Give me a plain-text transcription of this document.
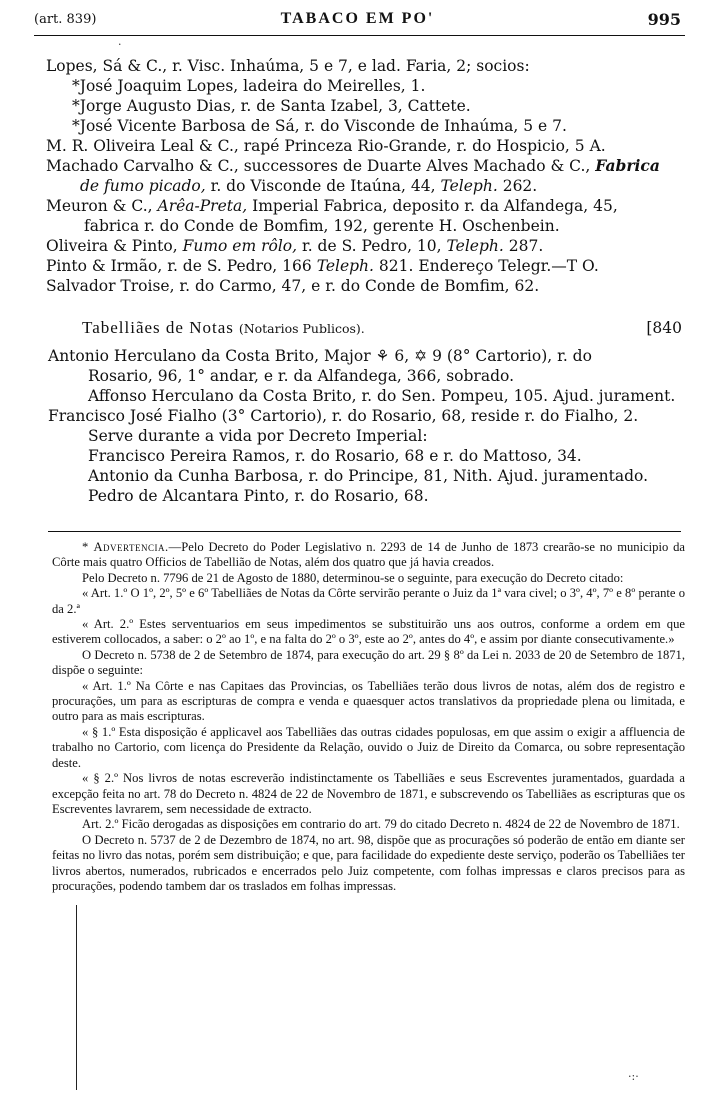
(art. 839)	TABACO EM PO'	995
·
Lopes, Sá & C., r. Visc. Inhaúma, 5 e 7, e lad. Faria, 2; socios:
*José Joaquim Lopes, ladeira do Meirelles, 1.
*Jorge Augusto Dias, r. de Santa Izabel, 3, Cattete.
*José Vicente Barbosa de Sá, r. do Visconde de Inhaúma, 5 e 7.
M. R. Oliveira Leal & C., rapé Princeza Rio-Grande, r. do Hospicio, 5 A.
Machado Carvalho & C., successores de Duarte Alves Machado & C., Fabrica
de fumo picado, r. do Visconde de Itaúna, 44, Teleph. 262.
Meuron & C., Arêa-Preta, Imperial Fabrica, deposito r. da Alfandega, 45,
fabrica r. do Conde de Bomfim, 192, gerente H. Oschenbein.
Oliveira & Pinto, Fumo em rôlo, r. de S. Pedro, 10, Teleph. 287.
Pinto & Irmão, r. de S. Pedro, 166 Teleph. 821. Endereço Telegr.—T O.
Salvador Troise, r. do Carmo, 47, e r. do Conde de Bomfim, 62.
Tabelliães de Notas (Notarios Publicos).	[840
Antonio Herculano da Costa Brito, Major ⚘ 6, ✡ 9 (8° Cartorio), r. do
Rosario, 96, 1° andar, e r. da Alfandega, 366, sobrado.
Affonso Herculano da Costa Brito, r. do Sen. Pompeu, 105. Ajud. jurament.
Francisco José Fialho (3° Cartorio), r. do Rosario, 68, reside r. do Fialho, 2.
Serve durante a vida por Decreto Imperial:
Francisco Pereira Ramos, r. do Rosario, 68 e r. do Mattoso, 34.
Antonio da Cunha Barbosa, r. do Principe, 81, Nith. Ajud. juramentado.
Pedro de Alcantara Pinto, r. do Rosario, 68.

* Advertencia.—Pelo Decreto do Poder Legislativo n. 2293 de 14 de Junho de 1873 crearão-se no municipio da Côrte mais quatro Officios de Tabellião de Notas, além dos quatro que já havia creados.

Pelo Decreto n. 7796 de 21 de Agosto de 1880, determinou-se o seguinte, para execução do Decreto citado:

« Art. 1.º O 1º, 2º, 5º e 6º Tabelliães de Notas da Côrte servirão perante o Juiz da 1ª vara civel; o 3º, 4º, 7º e 8º perante o da 2.ª

« Art. 2.º Estes serventuarios em seus impedimentos se substituirão uns aos outros, conforme a ordem em que estiverem collocados, a saber: o 2º ao 1º, e na falta do 2º o 3º, este ao 2º, antes do 4º, e assim por diante consecutivamente.»

O Decreto n. 5738 de 2 de Setembro de 1874, para execução do art. 29 § 8º da Lei n. 2033 de 20 de Setembro de 1871, dispõe o seguinte:

« Art. 1.º Na Côrte e nas Capitaes das Provincias, os Tabelliães terão dous livros de notas, além dos de registro e procurações, um para as escripturas de compra e venda e quaesquer actos translativos da propriedade plena ou limitada, e outro para as mais escripturas.

« § 1.º Esta disposição é applicavel aos Tabelliães das outras cidades populosas, em que assim o exigir a affluencia de trabalho no Cartorio, com licença do Presidente da Relação, ouvido o Juiz de Direito da Comarca, ou sobre representação deste.

« § 2.º Nos livros de notas escreverão indistinctamente os Tabelliães e seus Escreventes juramentados, guardada a excepção feita no art. 78 do Decreto n. 4824 de 22 de Novembro de 1871, e subscrevendo os Tabelliães as escripturas que os Escreventes lavrarem, sem necessidade de extracto.

Art. 2.º Ficão derogadas as disposições em contrario do art. 79 do citado Decreto n. 4824 de 22 de Novembro de 1871.

O Decreto n. 5737 de 2 de Dezembro de 1874, no art. 98, dispõe que as procurações só poderão de então em diante ser feitas no livro das notas, porém sem distribuição; e que, para facilidade do expediente deste serviço, poderão os Tabelliães ter livros abertos, numerados, rubricados e encerrados pelo Juiz competente, com folhas impressas e claros precisos para as procurações, podendo tambem dar os traslados em folhas impressas.

·:·
